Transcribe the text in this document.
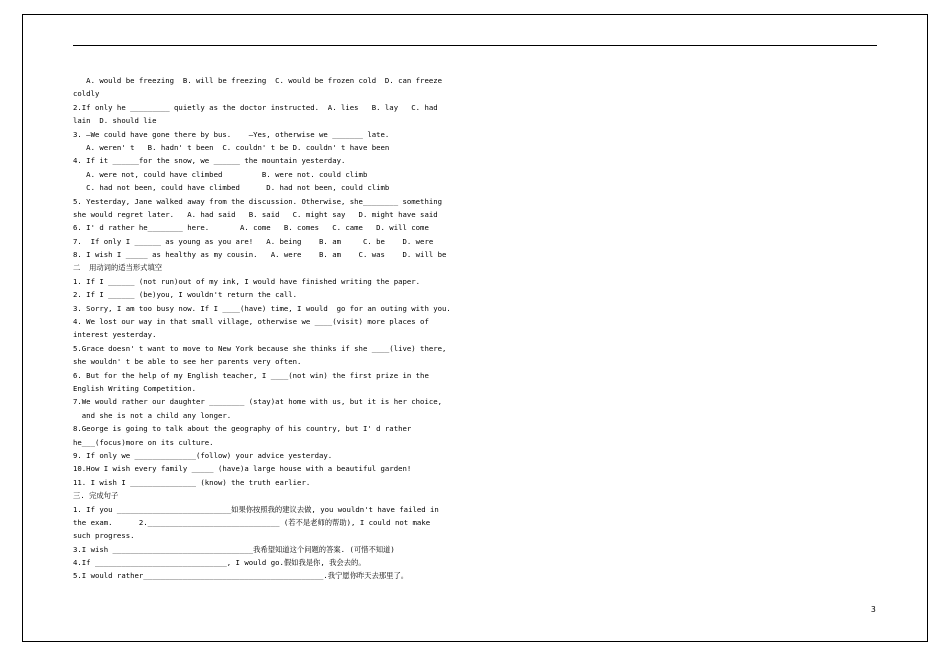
A. would be freezing  B. will be freezing  C. would be frozen cold  D. can freeze
coldly
2.If only he _________ quietly as the doctor instructed.  A. lies   B. lay   C. had
lain  D. should lie
3. —We could have gone there by bus.    —Yes, otherwise we _______ late.
A. weren' t   B. hadn' t been  C. couldn' t be D. couldn' t have been
4. If it ______for the snow, we ______ the mountain yesterday.
A. were not, could have climbed         B. were not. could climb
C. had not been, could have climbed      D. had not been, could climb
5. Yesterday, Jane walked away from the discussion. Otherwise, she________ something
she would regret later.   A. had said   B. said   C. might say   D. might have said
6. I' d rather he________ here.       A. come   B. comes   C. came   D. will come
7.  If only I ______ as young as you are!   A. being    B. am     C. be    D. were
8. I wish I _____ as healthy as my cousin.   A. were    B. am    C. was    D. will be
二  用动词的适当形式填空
1. If I ______ (not run)out of my ink, I would have finished writing the paper.
2. If I ______ (be)you, I wouldn't return the call.
3. Sorry, I am too busy now. If I ____(have) time, I would  go for an outing with you.
4. We lost our way in that small village, otherwise we ____(visit) more places of
interest yesterday.
5.Grace doesn' t want to move to New York because she thinks if she ____(live) there,
she wouldn' t be able to see her parents very often.
6. But for the help of my English teacher, I ____(not win) the first prize in the
English Writing Competition.
7.We would rather our daughter ________ (stay)at home with us, but it is her choice,
and she is not a child any longer.
8.George is going to talk about the geography of his country, but I' d rather
he___(focus)more on its culture.
9. If only we ______________(follow) your advice yesterday.
10.How I wish every family _____ (have)a large house with a beautiful garden!
11. I wish I _______________ (know) the truth earlier.
三. 完成句子
1. If you __________________________如果你按照我的建议去做, you wouldn't have failed in
the exam.      2.______________________________ (若不是老师的帮助), I could not make
such progress.
3.I wish ________________________________我希望知道这个问题的答案. (可惜不知道)
4.If ______________________________, I would go.假如我是你, 我会去的。
5.I would rather_________________________________________.我宁愿你昨天去那里了。
3
